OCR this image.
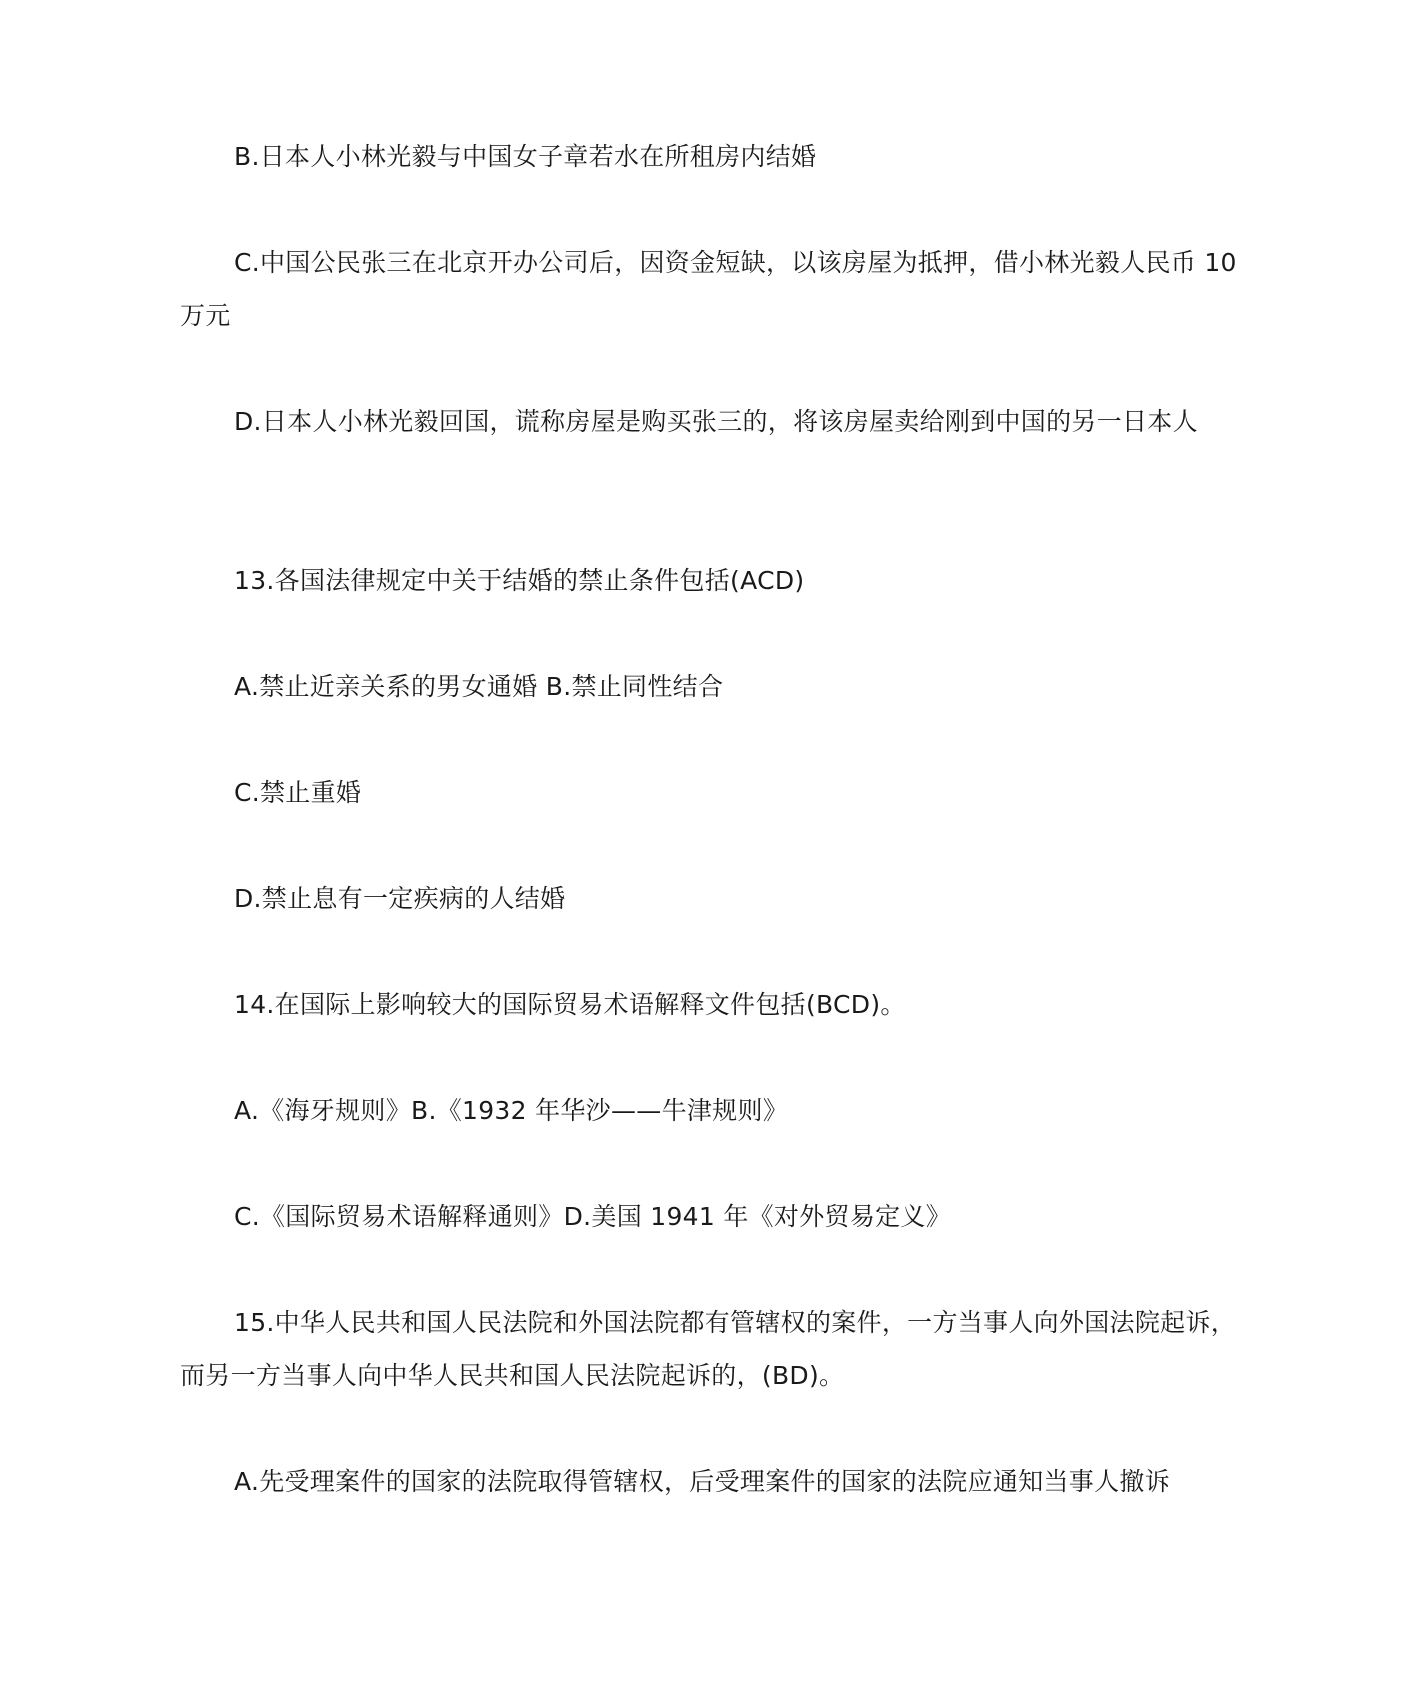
B.日本人小林光毅与中国女子章若水在所租房内结婚

C.中国公民张三在北京开办公司后，因资金短缺，以该房屋为抵押，借小林光毅人民币 10 万元

D.日本人小林光毅回国，谎称房屋是购买张三的，将该房屋卖给刚到中国的另一日本人

13.各国法律规定中关于结婚的禁止条件包括(ACD)

A.禁止近亲关系的男女通婚 B.禁止同性结合

C.禁止重婚

D.禁止息有一定疾病的人结婚

14.在国际上影响较大的国际贸易术语解释文件包括(BCD)。

A.《海牙规则》B.《1932 年华沙——牛津规则》

C.《国际贸易术语解释通则》D.美国 1941 年《对外贸易定义》

15.中华人民共和国人民法院和外国法院都有管辖权的案件，一方当事人向外国法院起诉，而另一方当事人向中华人民共和国人民法院起诉的，(BD)。

A.先受理案件的国家的法院取得管辖权，后受理案件的国家的法院应通知当事人撤诉
